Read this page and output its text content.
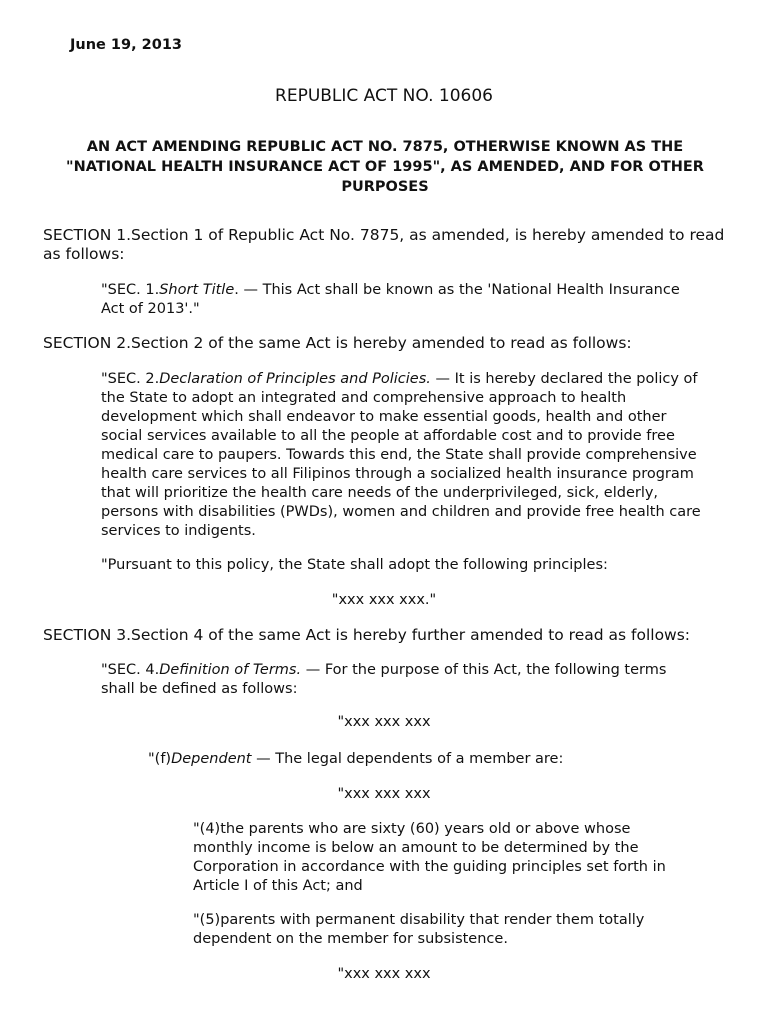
June 19, 2013
REPUBLIC ACT NO. 10606
AN ACT AMENDING REPUBLIC ACT NO. 7875, OTHERWISE KNOWN AS THE "NATIONAL HEALTH INSURANCE ACT OF 1995", AS AMENDED, AND FOR OTHER PURPOSES
SECTION 1.Section 1 of Republic Act No. 7875, as amended, is hereby amended to read as follows:
"SEC. 1.Short Title. — This Act shall be known as the 'National Health Insurance Act of 2013'."
SECTION 2.Section 2 of the same Act is hereby amended to read as follows:
"SEC. 2.Declaration of Principles and Policies. — It is hereby declared the policy of the State to adopt an integrated and comprehensive approach to health development which shall endeavor to make essential goods, health and other social services available to all the people at affordable cost and to provide free medical care to paupers. Towards this end, the State shall provide comprehensive health care services to all Filipinos through a socialized health insurance program that will prioritize the health care needs of the underprivileged, sick, elderly, persons with disabilities (PWDs), women and children and provide free health care services to indigents.
"Pursuant to this policy, the State shall adopt the following principles:
"xxx xxx xxx."
SECTION 3.Section 4 of the same Act is hereby further amended to read as follows:
"SEC. 4.Definition of Terms. — For the purpose of this Act, the following terms shall be defined as follows:
"xxx xxx xxx
"(f)Dependent — The legal dependents of a member are:
"xxx xxx xxx
"(4)the parents who are sixty (60) years old or above whose monthly income is below an amount to be determined by the Corporation in accordance with the guiding principles set forth in Article I of this Act; and
"(5)parents with permanent disability that render them totally dependent on the member for subsistence.
"xxx xxx xxx
